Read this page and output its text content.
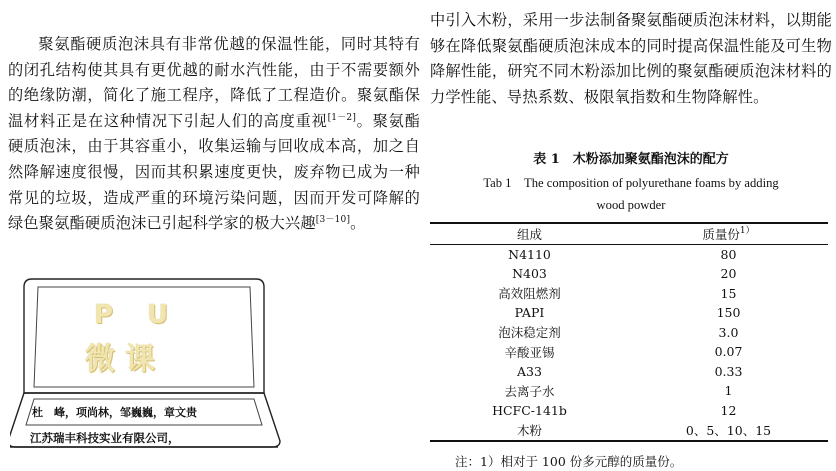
聚氨酯硬质泡沫具有非常优越的保温性能，同时其特有的闭孔结构使其具有更优越的耐水汽性能，由于不需要额外的绝缘防潮，简化了施工程序，降低了工程造价。聚氨酯保温材料正是在这种情况下引起人们的高度重视[1－2]。聚氨酯硬质泡沫，由于其容重小，收集运输与回收成本高，加之自然降解速度很慢，因而其积累速度更快，废弃物已成为一种常见的垃圾，造成严重的环境污染问题，因而开发可降解的绿色聚氨酯硬质泡沫已引起科学家的极大兴趣[3－10]。

中引入木粉，采用一步法制备聚氨酯硬质泡沫材料，以期能够在降低聚氨酯硬质泡沫成本的同时提高保温性能及可生物降解性能，研究不同木粉添加比例的聚氨酯硬质泡沫材料的力学性能、导热系数、极限氧指数和生物降解性。

表 1　木粉添加聚氨酯泡沫的配方
Tab 1　The composition of polyurethane foams by adding
wood powder
组成	质量份$^{1)}$
N4110	80
N403	20
高效阻燃剂	15
PAPI	150
泡沫稳定剂	3.0
辛酸亚锡	0.07
A33	0.33
去离子水	1
HCFC-141b	12
木粉	0、5、10、15
注：1）相对于 100 份多元醇的质量份。
PU
微课
杜　峰，项尚林，邹巍巍，章文贵
江苏瑞丰科技实业有限公司，
